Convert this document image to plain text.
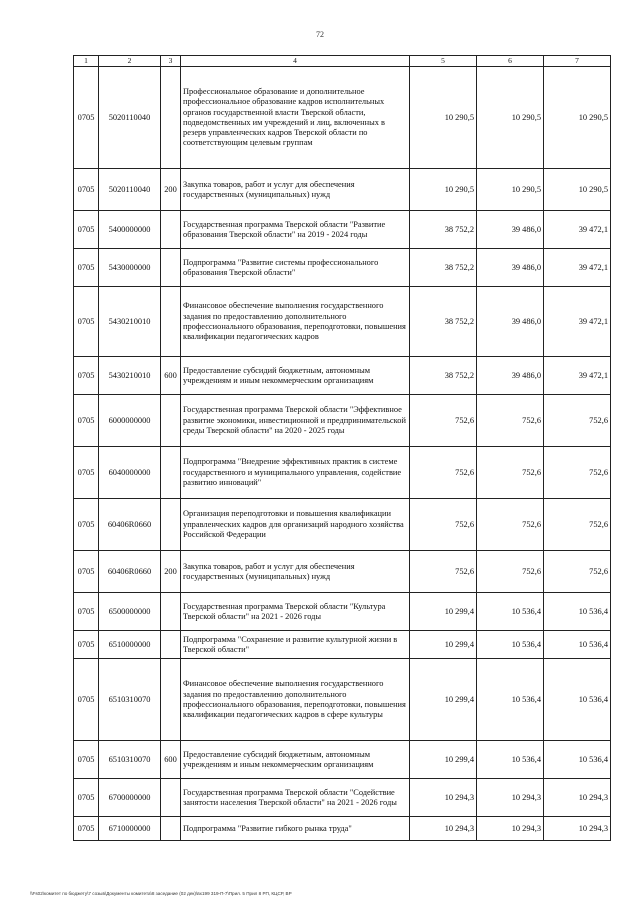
72
1	2	3	4	5	6	7
0705	5020110040		Профессиональное образование и дополнительное профессиональное образование кадров исполнительных органов государственной власти Тверской области, подведомственных им учреждений и лиц, включенных в резерв управленческих кадров Тверской области по соответствующим целевым группам	10 290,5	10 290,5	10 290,5
0705	5020110040	200	Закупка товаров, работ и услуг для обеспечения государственных (муниципальных) нужд	10 290,5	10 290,5	10 290,5
0705	5400000000		Государственная программа Тверской области "Развитие образования Тверской области" на 2019 - 2024 годы	38 752,2	39 486,0	39 472,1
0705	5430000000		Подпрограмма "Развитие системы профессионального образования Тверской области"	38 752,2	39 486,0	39 472,1
0705	5430210010		Финансовое обеспечение выполнения государственного задания по предоставлению дополнительного профессионального образования, переподготовки, повышения квалификации педагогических кадров	38 752,2	39 486,0	39 472,1
0705	5430210010	600	Предоставление субсидий бюджетным, автономным учреждениям и иным некоммерческим организациям	38 752,2	39 486,0	39 472,1
0705	6000000000		Государственная программа Тверской области "Эффективное развитие экономики, инвестиционной и предпринимательской среды Тверской области" на 2020 - 2025 годы	752,6	752,6	752,6
0705	6040000000		Подпрограмма "Внедрение эффективных практик в системе государственного и муниципального управления, содействие развитию инноваций"	752,6	752,6	752,6
0705	60406R0660		Организация переподготовки и повышения квалификации управленческих кадров для организаций народного хозяйства Российской Федерации	752,6	752,6	752,6
0705	60406R0660	200	Закупка товаров, работ и услуг для обеспечения государственных (муниципальных) нужд	752,6	752,6	752,6
0705	6500000000		Государственная программа Тверской области "Культура Тверской области" на 2021 - 2026 годы	10 299,4	10 536,4	10 536,4
0705	6510000000		Подпрограмма "Сохранение и развитие культурной жизни в Тверской области"	10 299,4	10 536,4	10 536,4
0705	6510310070		Финансовое обеспечение выполнения государственного задания по предоставлению дополнительного профессионального образования, переподготовки, повышения квалификации педагогических кадров в сфере культуры	10 299,4	10 536,4	10 536,4
0705	6510310070	600	Предоставление субсидий бюджетным, автономным учреждениям и иным некоммерческим организациям	10 299,4	10 536,4	10 536,4
0705	6700000000		Государственная программа Тверской области "Содействие занятости населения Тверской области" на 2021 - 2026 годы	10 294,3	10 294,3	10 294,3
0705	6710000000		Подпрограмма "Развитие гибкого рынка труда"	10 294,3	10 294,3	10 294,3
\\Fs02\комитет по бюджету\7 созыв\Документы комитета\8 заседание (02 дек)\вх199 319-П-7\Прил. 5 Прил 8 РП, КЦСР, ВР
